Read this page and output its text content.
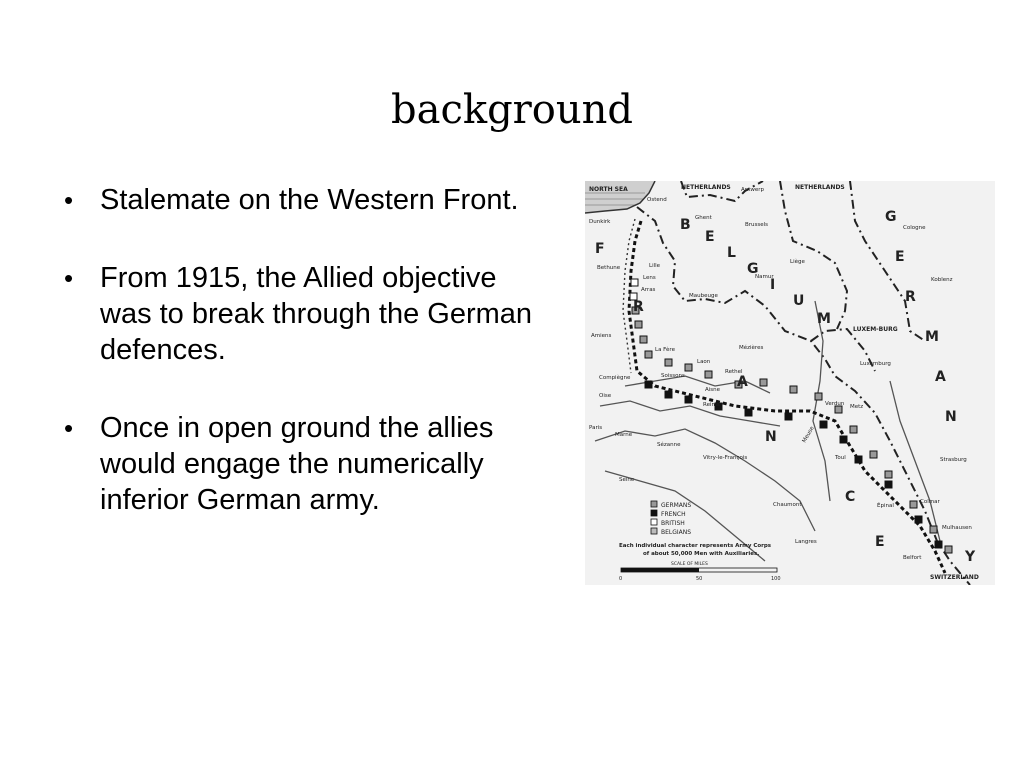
background
• Stalemate on the Western Front.
• From 1915, the Allied objective was to break through the German defences.
• Once in open ground the allies would engage the numerically inferior German army.
B
E
L
G
I
U
M
G
E
R
M
A
N
Y
F
R
A
N
C
E
NORTH SEA	NETHERLANDS	NETHERLANDS
LUXEM-BURG
SWITZERLAND
Antwerp
Ghent
Brussels
Ostend
Dunkirk
Cologne
Koblenz
Liège
Namur
Lille
Arras
Lens
Maubeuge
Bethune
Amiens
La Fère
Laon
Mézières
Rethel
Reims
Compiègne	Soissons
Luxemburg
Verdun Metz
Toul
Paris
Sézanne
Vitry-le-François	Strasburg
Épinal
Chaumont
Langres
Colmar
Mulhausen
Belfort
Meuse
Aisne
Marne
Seine
Oise
GERMANS
FRENCH
BRITISH
BELGIANS
Each individual character represents Army Corps
of about 50,000 Men with Auxiliaries.
SCALE OF MILES
0	50	100
